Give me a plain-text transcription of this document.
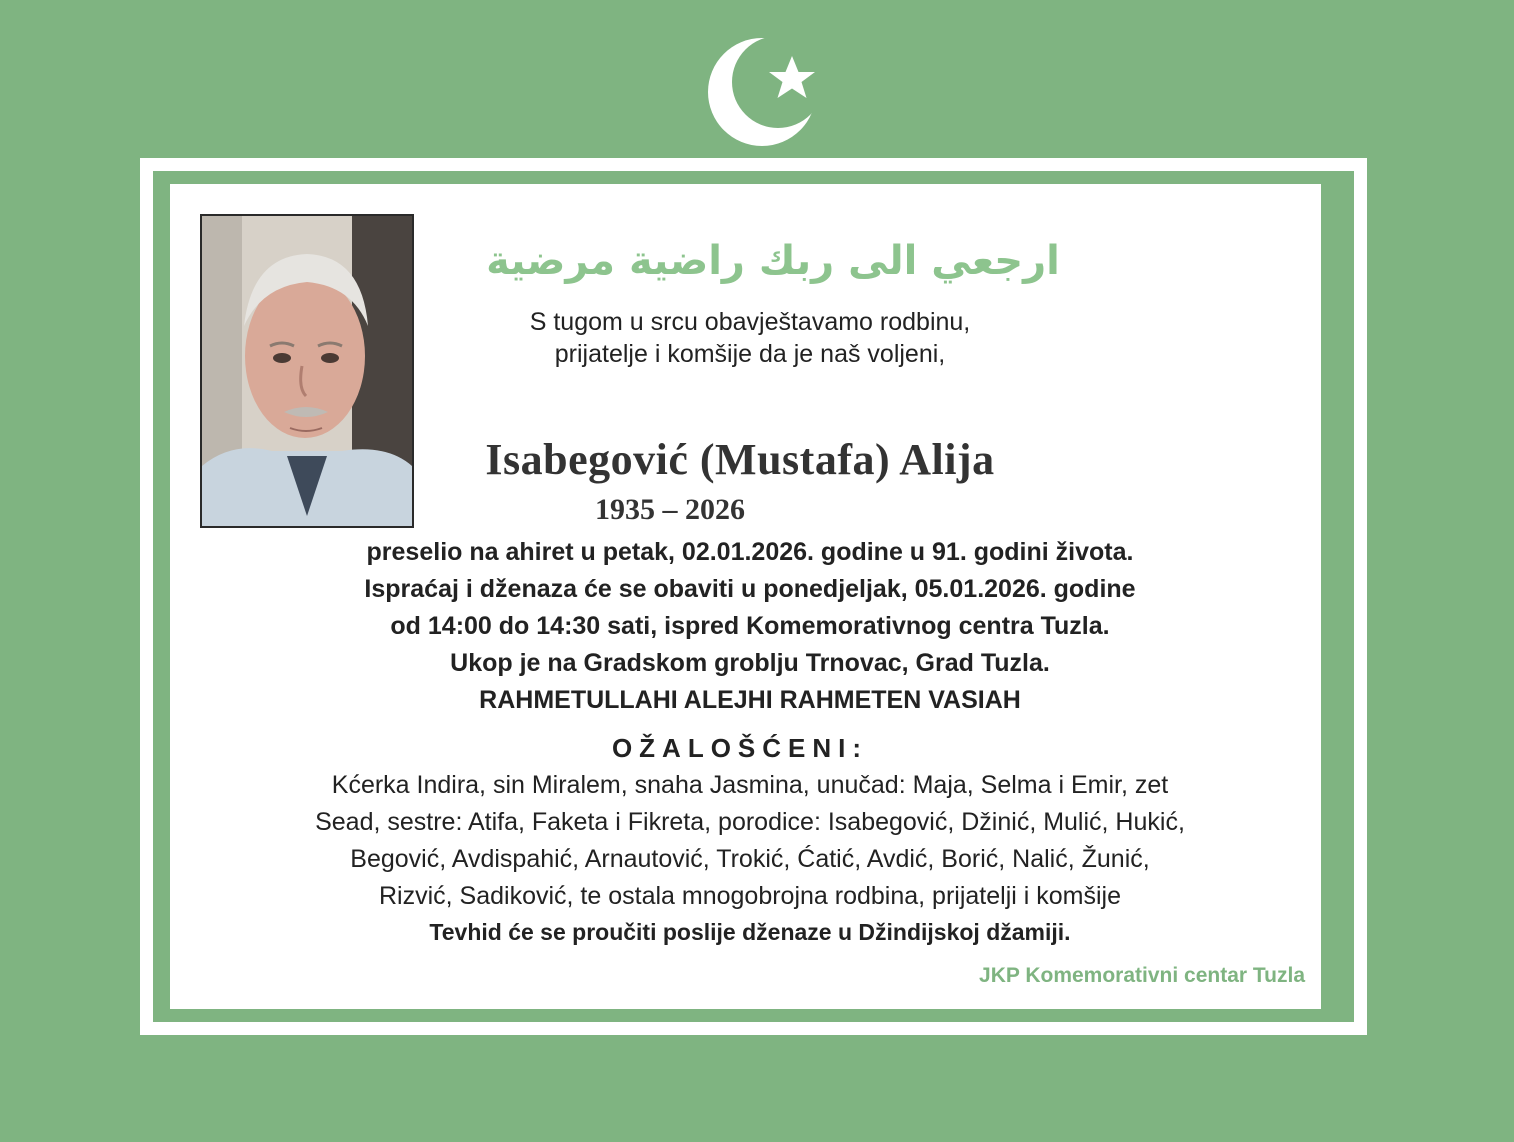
ارجعي الى ربك راضية مرضية
S tugom u srcu obavještavamo rodbinu,
prijatelje i komšije da je naš voljeni,
Isabegović (Mustafa) Alija
1935 – 2026
preselio na ahiret u petak, 02.01.2026. godine u 91. godini života.
Ispraćaj i dženaza će se obaviti u ponedjeljak, 05.01.2026. godine
od 14:00 do 14:30 sati, ispred Komemorativnog centra Tuzla.
Ukop je na Gradskom groblju Trnovac, Grad Tuzla.
RAHMETULLAHI ALEJHI RAHMETEN VASIAH
OŽALOŠĆENI:
Kćerka Indira, sin Miralem, snaha Jasmina, unučad: Maja, Selma i Emir, zet
Sead, sestre: Atifa, Faketa i Fikreta, porodice: Isabegović, Džinić, Mulić, Hukić,
Begović, Avdispahić, Arnautović, Trokić, Ćatić, Avdić, Borić, Nalić, Žunić,
Rizvić, Sadiković, te ostala mnogobrojna rodbina, prijatelji i komšije
Tevhid će se proučiti poslije dženaze u Džindijskoj džamiji.
JKP Komemorativni centar Tuzla
